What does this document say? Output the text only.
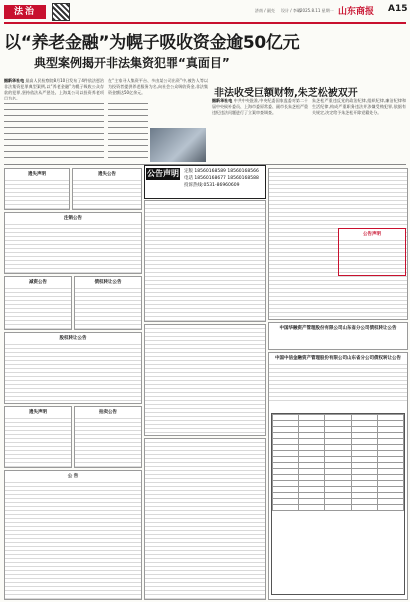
法治	济南 / 副壳 设计 / 李璐 2025.8.11 星期一 山东商报 A15
以“养老金融”为幌子吸收资金逾50亿元
典型案例揭开非法集资犯罪“真面目”
据新华社电 最高人民检察院8月10日发布了4件依法惩治非法集资犯罪典型案例,以“养老金融”为幌子吸收公众存款的犯罪,坚持依法从严惩处。上海某公司以投资养老项目为名。
在“主家寻人集资平台、多由某公司出资”中,被告人等以为投资者提供养老服务为名,向社会公众吸收资金,非法集资金额达50亿余元。	非法收受巨额财物,朱芝松被双开
据新华社电 中共中央批准,中央纪委国家监委对第二十届中央候补委员、上海市委原常委、副市长朱芝松严重违纪违法问题进行了立案审查调查。
朱芝松严重违反党的政治纪律,组织纪律,廉洁纪律和生活纪律,构成严重职务违法并涉嫌受贿犯罪,依据有关规定,决定给予朱芝松开除党籍处分。
遗失声明	遗失公告
注销公告
减资公告	债权转让公告
股权转让公告
遗失声明	拍卖公告
公 告
公告声明 定版 18560168589 18560168566
电话 18560168677 18560168588
投诉热线:0531-86960609
公告声明
中国华融资产管理股份有限公司山东省分公司债权转让公告
中国中信金融资产管理股份有限公司山东省分公司债权转让公告
